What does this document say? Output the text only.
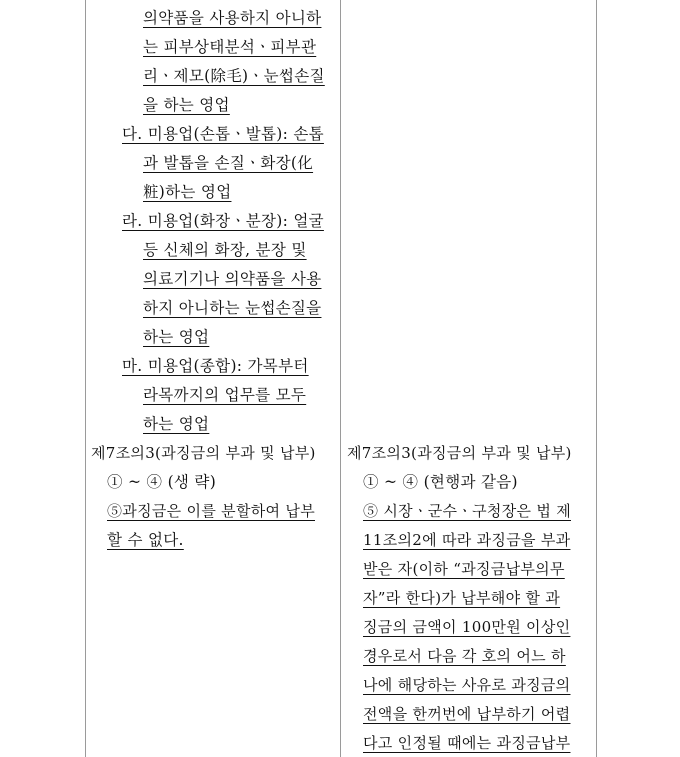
의약품을 사용하지 아니하
는 피부상태분석ㆍ피부관
리ㆍ제모(除毛)ㆍ눈썹손질
을 하는 영업
다. 미용업(손톱ㆍ발톱): 손톱
과 발톱을 손질ㆍ화장(化
粧)하는 영업
라. 미용업(화장ㆍ분장): 얼굴
등 신체의 화장, 분장 및
의료기기나 의약품을 사용
하지 아니하는 눈썹손질을
하는 영업
마. 미용업(종합): 가목부터
라목까지의 업무를 모두
하는 영업
제7조의3(과징금의 부과 및 납부)
① ~ ④ (생 략)
⑤과징금은 이를 분할하여 납부
할 수 없다.
제7조의3(과징금의 부과 및 납부)
① ~ ④ (현행과 같음)
⑤ 시장ㆍ군수ㆍ구청장은 법 제
11조의2에 따라 과징금을 부과
받은 자(이하 “과징금납부의무
자”라 한다)가 납부해야 할 과
징금의 금액이 100만원 이상인
경우로서 다음 각 호의 어느 하
나에 해당하는 사유로 과징금의
전액을 한꺼번에 납부하기 어렵
다고 인정될 때에는 과징금납부
